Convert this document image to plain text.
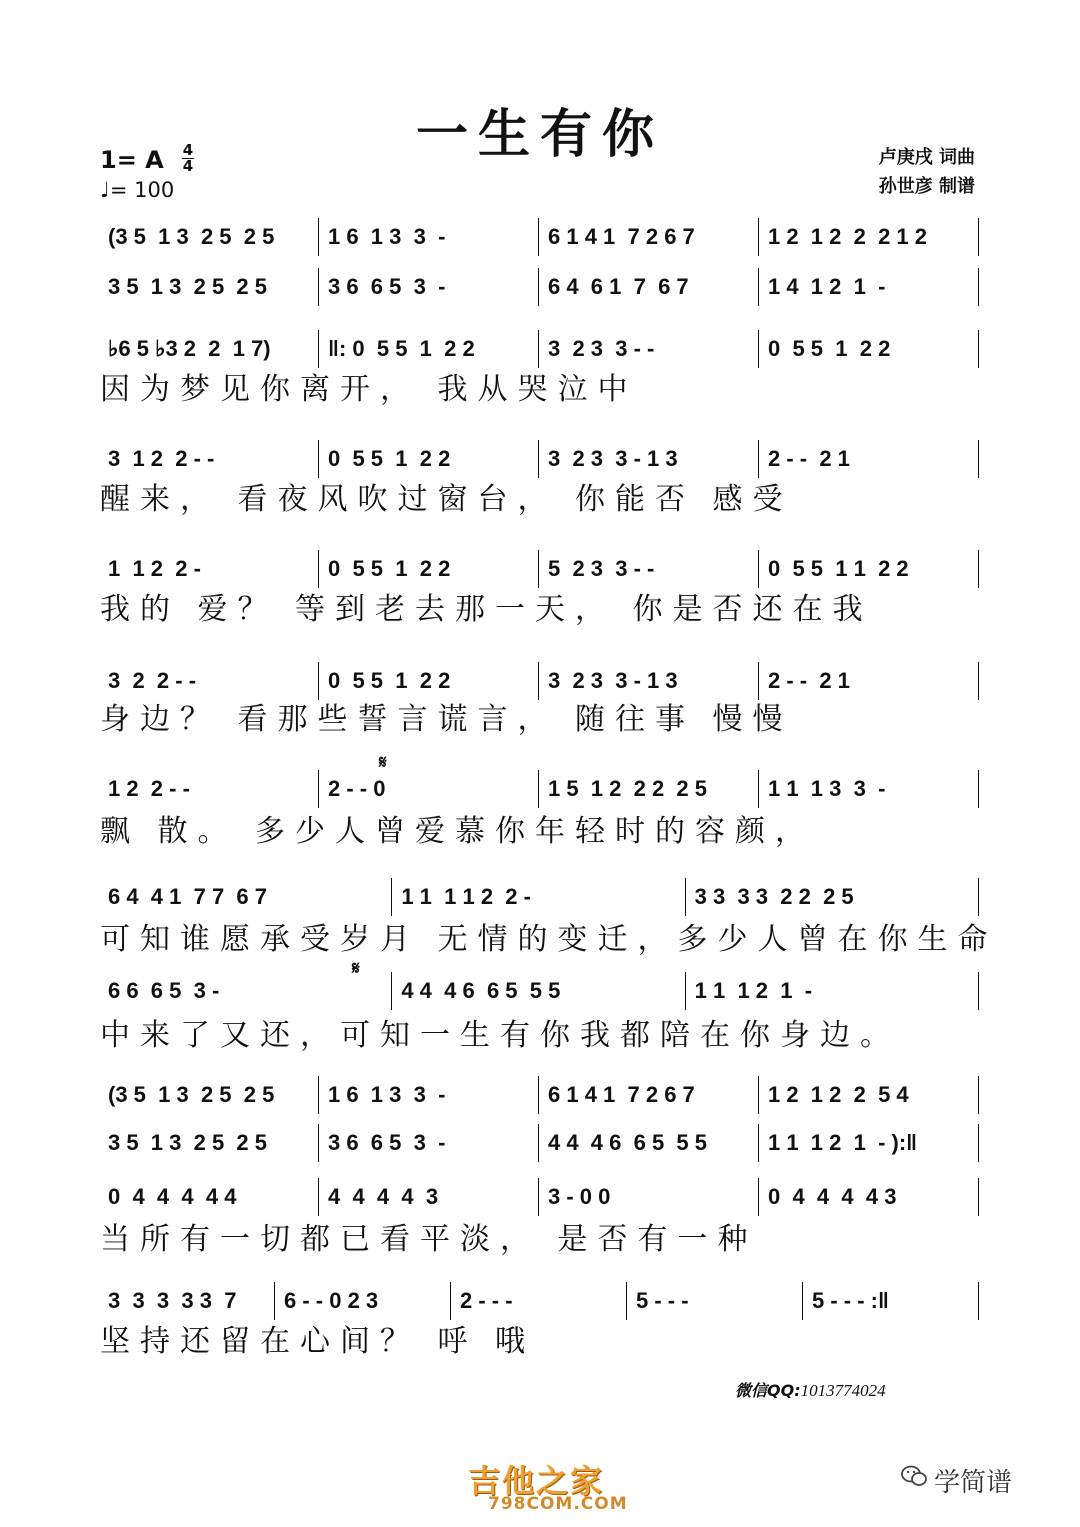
一生有你
1= A 4
4
♩= 100
卢庚戌 词曲
孙世彦 制谱
(3 5  1 3  2 5  2 5 1 6  1 3  3  -	6 1 4 1  7 2 6 7	1 2  1 2  2  2 1 2
3 5  1 3  2 5  2 5	3 6  6 5  3  -	6 4  6 1  7  6 7	1 4  1 2  1  -
♭6 5 ♭3 2  2  1 7)	‖: 0  5 5  1  2 2	3  2 3  3 - -	0  5 5  1  2 2
3  1 2  2 - -	0  5 5  1  2 2	3  2 3  3 - 1 3	2 - -  2 1
1  1 2  2 -	0  5 5  1  2 2	5  2 3  3 - -	0  5 5  1 1  2 2
3  2  2 - -	0  5 5  1  2 2	3  2 3  3 - 1 3	2 - -  2 1
1 2  2 - -	2 - - 0	1 5  1 2  2 2  2 5	1 1  1 3  3  -
6 4  4 1  7 7  6 7	1 1  1 1 2  2 -	3 3  3 3  2 2  2 5
6 6  6 5  3 -	4 4  4 6  6 5  5 5	1 1  1 2  1  -
(3 5  1 3  2 5  2 5 1 6  1 3  3  -	6 1 4 1  7 2 6 7	1 2  1 2  2  5 4
3 5  1 3  2 5  2 5	3 6  6 5  3  -	4 4  4 6  6 5  5 5	1 1  1 2  1  - ):‖
0  4  4  4  4 4	4  4  4  4  3	3 - 0 0	0  4  4  4  4 3
3  3  3  3 3  7 6 - - 0 2 3	2 - - -	5 - - -	5 - - - :‖
因为梦见你离开， 我从哭泣中
醒来， 看夜风吹过窗台， 你能否 感受
我的 爱？ 等到老去那一天， 你是否还在我
身边？ 看那些誓言谎言， 随往事 慢慢
飘 散。 多少人曾爱慕你年轻时的容颜，
可知谁愿承受岁月 无情的变迁，多少人曾在你生命
中来了又还，可知一生有你我都陪在你身边。
当所有一切都已看平淡， 是否有一种
坚持还留在心间？ 呼 哦
𝄋
𝄋
微信QQ:1013774024
吉他之家
798COM.COM
学简谱
